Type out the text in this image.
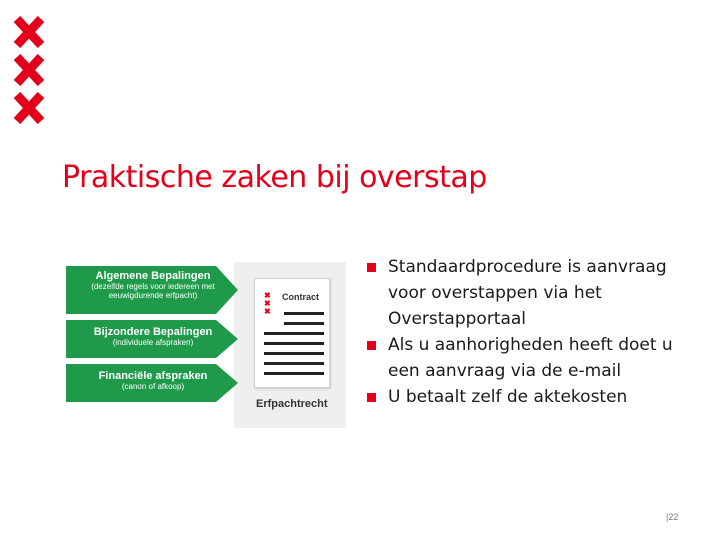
Praktische zaken bij overstap
Algemene Bepalingen
(dezelfde regels voor iedereen met eeuwigdurende erfpacht)
Bijzondere Bepalingen
(individuele afspraken)
Financiële afspraken
(canon of afkoop)
✖
✖
✖
Contract
Erfpachtrecht
Standaardprocedure is aanvraag voor overstappen via het Overstapportaal
Als u aanhorigheden heeft doet u een aanvraag via de e-mail
U betaalt zelf de aktekosten
|22
